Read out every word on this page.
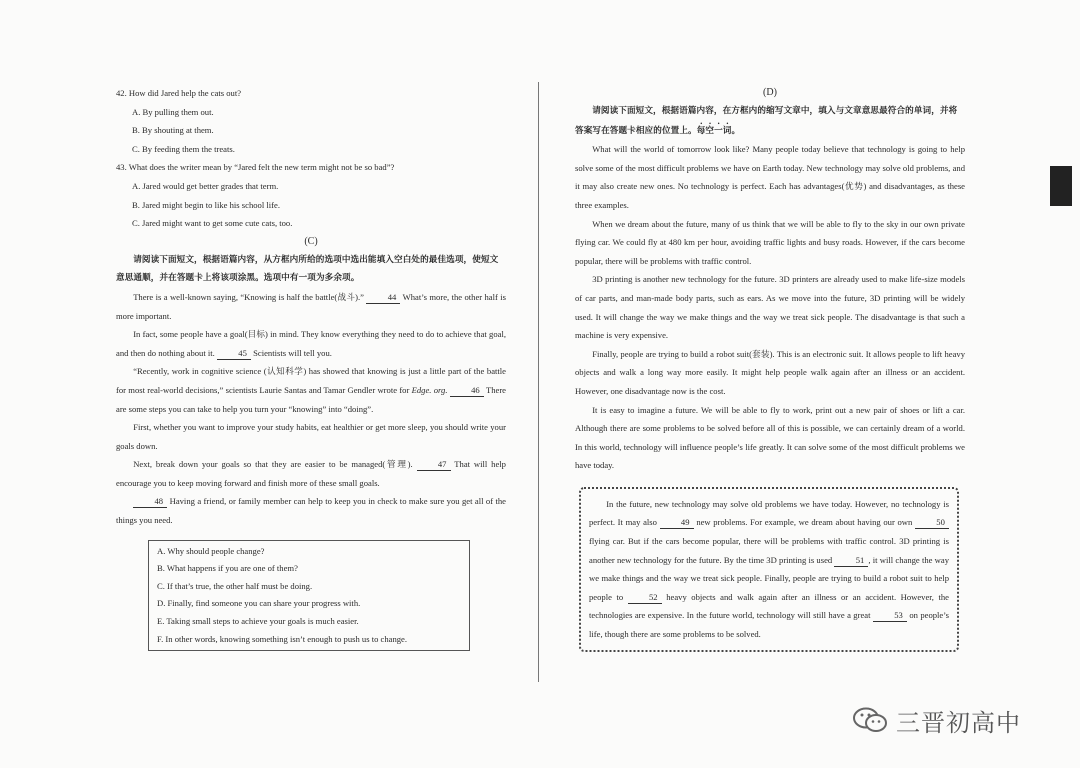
42. How did Jared help the cats out?

A. By pulling them out.

B. By shouting at them.

C. By feeding them the treats.

43. What does the writer mean by “Jared felt the new term might not be so bad”?

A. Jared would get better grades that term.

B. Jared might begin to like his school life.

C. Jared might want to get some cute cats, too.

(C)

请阅读下面短文，根据语篇内容，从方框内所给的选项中选出能填入空白处的最佳选项，使短文意思通顺，并在答题卡上将该项涂黑。选项中有一项为多余项。

There is a well-known saying, “Knowing is half the battle(战斗).”	44 What’s more, the other half is more important.

In fact, some people have a goal(目标) in mind. They know everything they need to do to achieve that goal, and then do nothing about it.	45 Scientists will tell you.

“Recently, work in cognitive science (认知科学) has showed that knowing is just a little part of the battle for most real-world decisions,” scientists Laurie Santas and Tamar Gendler wrote for Edge. org.	46 There are some steps you can take to help you turn your “knowing” into “doing”.

First, whether you want to improve your study habits, eat healthier or get more sleep, you should write your goals down.

Next, break down your goals so that they are easier to be managed(管理).	47 That will help encourage you to keep moving forward and finish more of these small goals.

48 Having a friend, or family member can help to keep you in check to make sure you get all of the things you need.

A. Why should people change?

B. What happens if you are one of them?

C. If that’s true, the other half must be doing.

D. Finally, find someone you can share your progress with.

E. Taking small steps to achieve your goals is much easier.

F. In other words, knowing something isn’t enough to push us to change.

(D)

请阅读下面短文，根据语篇内容，在方框内的缩写文章中，填入与文章意思最符合的单词，并将答案写在答题卡相应的位置上。每空一词。

What will the world of tomorrow look like? Many people today believe that technology is going to help solve some of the most difficult problems we have on Earth today. New technology may solve old problems, and it may also create new ones. No technology is perfect. Each has advantages(优势) and disadvantages, as these three examples.

When we dream about the future, many of us think that we will be able to fly to the sky in our own private flying car. We could fly at 480 km per hour, avoiding traffic lights and busy roads. However, if the cars become popular, there will be problems with traffic control.

3D printing is another new technology for the future. 3D printers are already used to make life-size models of car parts, and man-made body parts, such as ears. As we move into the future, 3D printing will be widely used. It will change the way we make things and the way we treat sick people. The disadvantage is that such a machine is very expensive.

Finally, people are trying to build a robot suit(套装). This is an electronic suit. It allows people to lift heavy objects and walk a long way more easily. It might help people walk again after an illness or an accident. However, one disadvantage now is the cost.

It is easy to imagine a future. We will be able to fly to work, print out a new pair of shoes or lift a car. Although there are some problems to be solved before all of this is possible, we can certainly dream of a world. In this world, technology will influence people’s life greatly. It can solve some of the most difficult problems we have today.

In the future, new technology may solve old problems we have today. However, no technology is perfect. It may also	49 new problems. For example, we dream about having our own	50 flying car. But if the cars become popular, there will be problems with traffic control. 3D printing is another new technology for the future. By the time 3D printing is used	51 , it will change the way we make things and the way we treat sick people. Finally, people are trying to build a robot suit to help people to	52 heavy objects and walk again after an illness or an accident. However, the technologies are expensive. In the future world, technology will still have a great	53 on people’s life, though there are some problems to be solved.

三晋初高中
